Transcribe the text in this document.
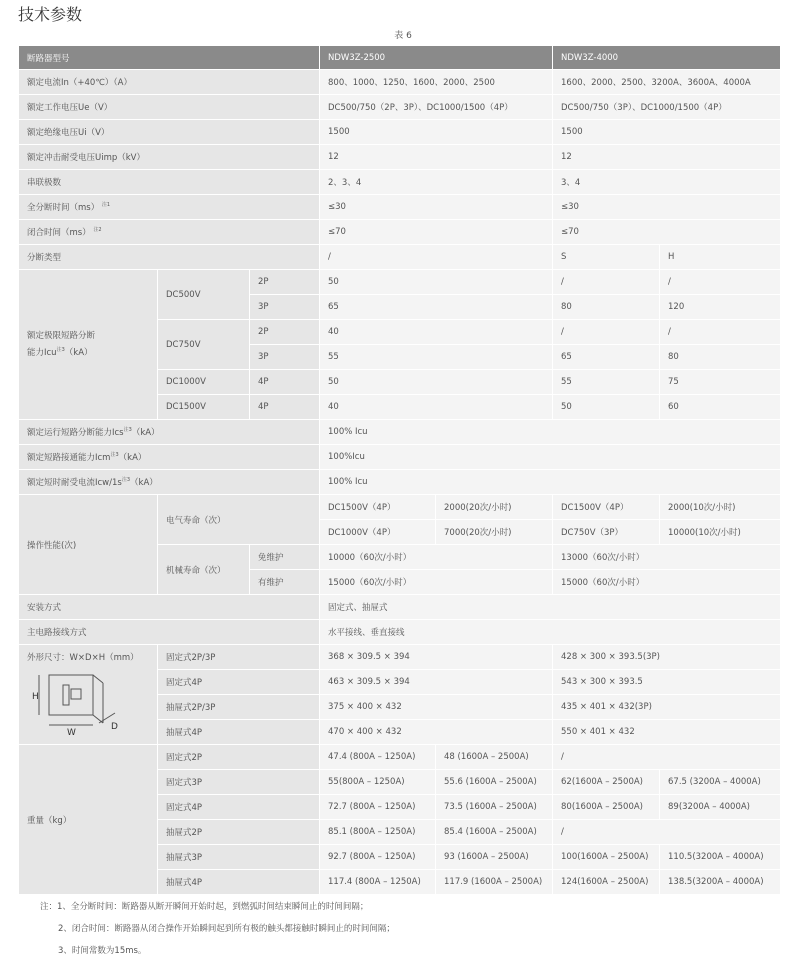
技术参数
表 6
断路器型号			NDW3Z-2500		NDW3Z-4000	
额定电流In（+40℃）（A）			800、1000、1250、1600、2000、2500		1600、2000、2500、3200A、3600A、4000A	
额定工作电压Ue（V）			DC500/750（2P、3P）、DC1000/1500（4P）		DC500/750（3P）、DC1000/1500（4P）	
额定绝缘电压Ui（V）			1500		1500	
额定冲击耐受电压Uimp（kV）			12		12	
串联极数			2、3、4		3、4	
全分断时间（ms） $^{注1}$			≤30		≤30	
闭合时间（ms） $^{注2}$			≤70		≤70	
分断类型			/		S	H

额定极限短路分断
能力Icu$^{注3}$（kA）	DC500V	2P	50		/	/
		3P	65		80	120
	DC750V	2P	40		/	/
		3P	55		65	80
	DC1000V	4P	50		55	75
	DC1500V	4P	40		50	60
额定运行短路分断能力Ics$^{注3}$（kA）			100% Icu			
额定短路接通能力Icm$^{注3}$（kA）			100%Icu			
额定短时耐受电流Icw/$1s^{注3}(kA)$			100% Icu			
操作性能(次)	电气寿命（次）		DC1500V（4P）	2000(20次/小时)	DC1500V（4P）	2000(10次/小时)
			DC1000V（4P）	7000(20次/小时)	DC750V（3P）	10000(10次/小时)
	机械寿命（次）	免维护	10000（60次/小时）		13000（60次/小时）	
		有维护	15000（60次/小时）		15000（60次/小时）	
安装方式			固定式、抽屉式			
主电路接线方式			水平接线、垂直接线			

外形尺寸：W×D×H（mm）
H
W
D	固定式2P/3P		368 × 309.5 × 394		428 × 300 × 393.5(3P)	
	固定式4P		463 × 309.5 × 394		543 × 300 × 393.5	
	抽屉式2P/3P		375 × 400 × 432		435 × 401 × 432(3P)	
	抽屉式4P		470 × 400 × 432		550 × 401 × 432	
重量（kg）	固定式2P		47.4 (800A – 1250A)	48 (1600A – 2500A)	/	
	固定式3P		55(800A – 1250A)	55.6 (1600A – 2500A)	62(1600A – 2500A)	67.5 (3200A – 4000A)
	固定式4P		72.7 (800A – 1250A)	73.5 (1600A – 2500A)	80(1600A – 2500A)	89(3200A – 4000A)
	抽屉式2P		85.1 (800A – 1250A)	85.4 (1600A – 2500A)	/	
	抽屉式3P		92.7 (800A – 1250A)	93 (1600A – 2500A)	100(1600A – 2500A)	110.5(3200A – 4000A)
	抽屉式4P		117.4 (800A – 1250A)	117.9 (1600A – 2500A)	124(1600A – 2500A)	138.5(3200A – 4000A)
注：1、全分断时间：断路器从断开瞬间开始时起，到燃弧时间结束瞬间止的时间间隔；
2、闭合时间：断路器从闭合操作开始瞬间起到所有极的触头都接触时瞬间止的时间间隔；
3、时间常数为15ms。
